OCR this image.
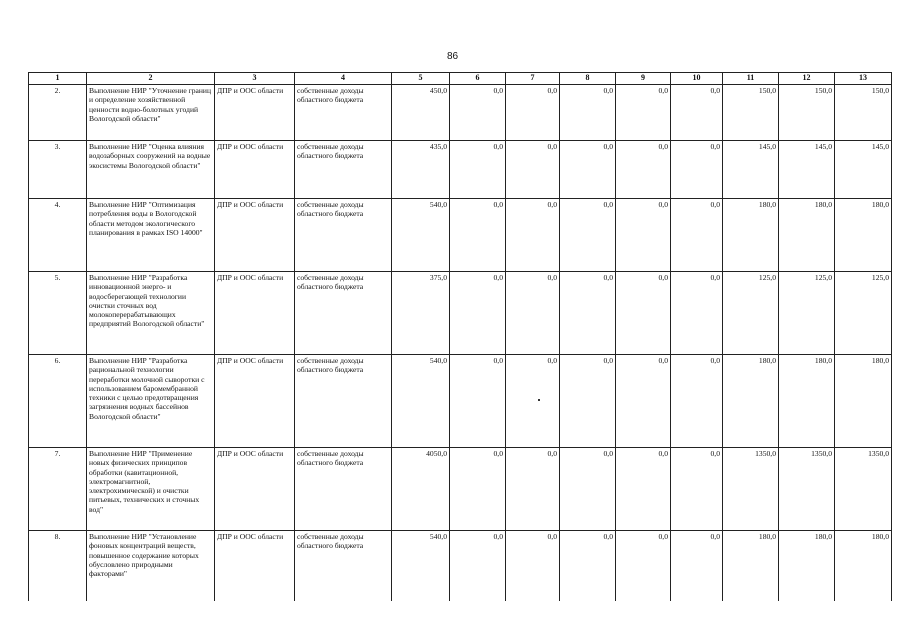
86
1	2	3	4	5	6	7	8	9	10	11	12	13
2.	Выполнение НИР "Уточнение границ и определение хозяйственной ценности водно-болотных угодий Вологодской области"	ДПР и ООС области	собственные доходы областного бюджета	450,0	0,0	0,0	0,0	0,0	0,0	150,0	150,0	150,0
3.	Выполнение НИР "Оценка влияния водозаборных сооружений на водные экосистемы Вологодской области"	ДПР и ООС области	собственные доходы областного бюджета	435,0	0,0	0,0	0,0	0,0	0,0	145,0	145,0	145,0
4.	Выполнение НИР "Оптимизация потребления воды в Вологодской области методом экологического планирования в рамках ISO 14000"	ДПР и ООС области	собственные доходы областного бюджета	540,0	0,0	0,0	0,0	0,0	0,0	180,0	180,0	180,0
5.	Выполнение НИР "Разработка инновационной энерго- и водосберегающей технологии очистки сточных вод молокоперерабатывающих предприятий Вологодской области"	ДПР и ООС области	собственные доходы областного бюджета	375,0	0,0	0,0	0,0	0,0	0,0	125,0	125,0	125,0
6.	Выполнение НИР "Разработка рациональной технологии переработки молочной сыворотки с использованием баромембранной техники с целью предотвращения загрязнения водных бассейнов Вологодской области"	ДПР и ООС области	собственные доходы областного бюджета	540,0	0,0	0,0	0,0	0,0	0,0	180,0	180,0	180,0
7.	Выполнение НИР "Применение новых физических принципов обработки (кавитационной, электромагнитной, электрохимической) и очистки питьевых, технических и сточных вод"	ДПР и ООС области	собственные доходы областного бюджета	4050,0	0,0	0,0	0,0	0,0	0,0	1350,0	1350,0	1350,0
8.	Выполнение НИР "Установление фоновых концентраций веществ, повышенное содержание которых обусловлено природными факторами"	ДПР и ООС области	собственные доходы областного бюджета	540,0	0,0	0,0	0,0	0,0	0,0	180,0	180,0	180,0
